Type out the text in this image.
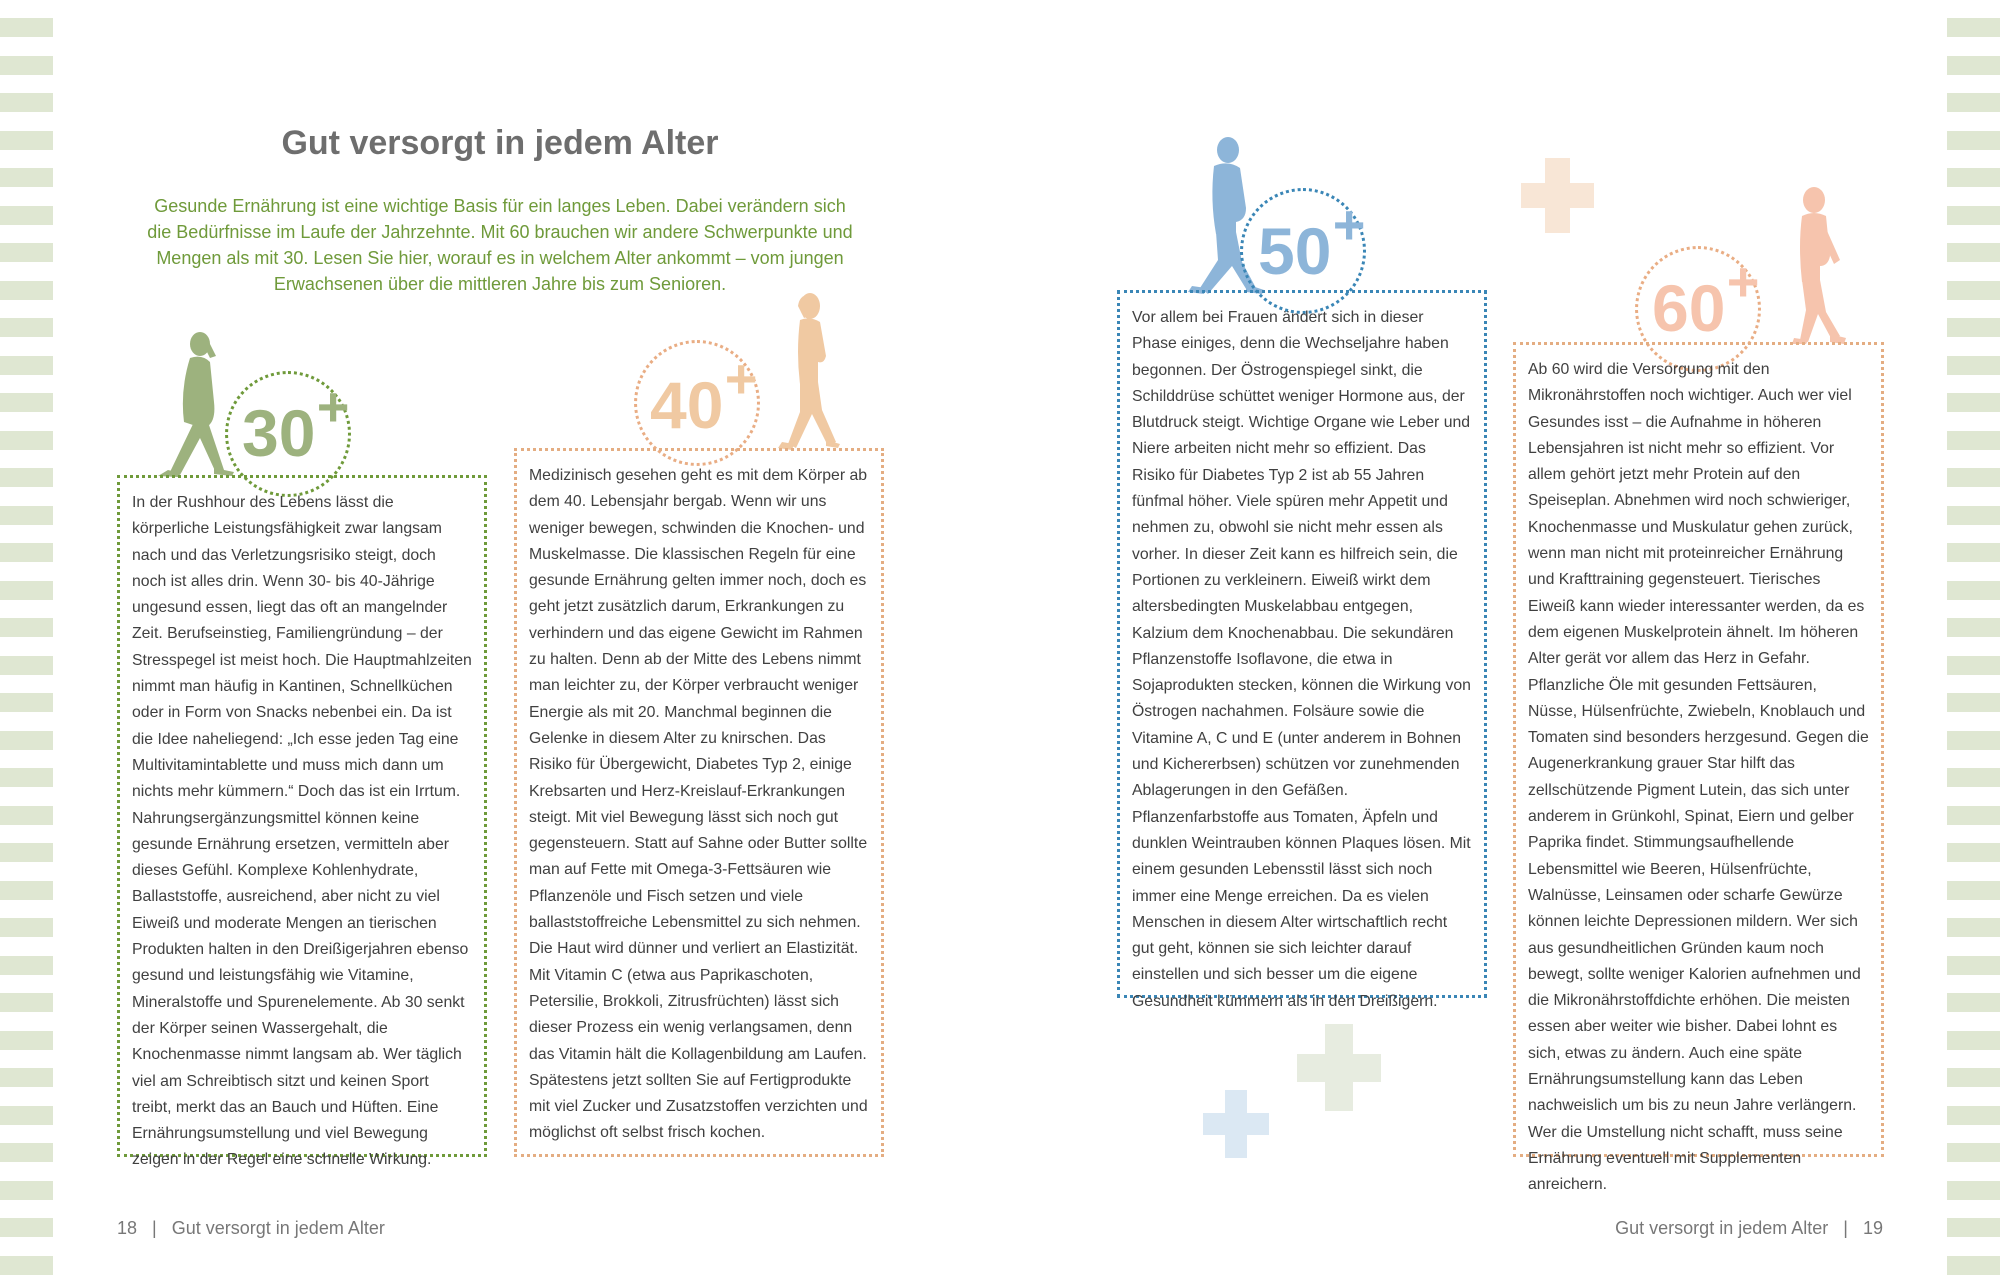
Gut versorgt in jedem Alter

Gesunde Ernährung ist eine wichtige Basis für ein langes Leben. Dabei verändern sich die Bedürfnisse im Laufe der Jahrzehnte. Mit 60 brauchen wir andere Schwerpunkte und Mengen als mit 30. Lesen Sie hier, worauf es in welchem Alter ankommt – vom jungen Erwachsenen über die mittleren Jahre bis zum Senioren.

30 +

In der Rushhour des Lebens lässt die körperliche Leistungsfähigkeit zwar langsam nach und das Verletzungsrisiko steigt, doch noch ist alles drin. Wenn 30- bis 40-Jährige ungesund essen, liegt das oft an mangelnder Zeit. Berufseinstieg, Familiengründung – der Stresspegel ist meist hoch. Die Hauptmahlzeiten nimmt man häufig in Kantinen, Schnellküchen oder in Form von Snacks nebenbei ein. Da ist die Idee naheliegend: „Ich esse jeden Tag eine Multivitamintablette und muss mich dann um nichts mehr kümmern.“ Doch das ist ein Irrtum. Nahrungsergänzungsmittel können keine gesunde Ernährung ersetzen, vermitteln aber dieses Gefühl. Komplexe Kohlenhydrate, Ballaststoffe, ausreichend, aber nicht zu viel Eiweiß und moderate Mengen an tierischen Produkten halten in den Dreißigerjahren ebenso gesund und leistungsfähig wie Vitamine, Mineralstoffe und Spurenelemente. Ab 30 senkt der Körper seinen Wassergehalt, die Knochenmasse nimmt langsam ab. Wer täglich viel am Schreibtisch sitzt und keinen Sport treibt, merkt das an Bauch und Hüften. Eine Ernährungsumstellung und viel Bewegung zeigen in der Regel eine schnelle Wirkung.

40 +

Medizinisch gesehen geht es mit dem Körper ab dem 40. Lebensjahr bergab. Wenn wir uns weniger bewegen, schwinden die Knochen- und Muskelmasse. Die klassischen Regeln für eine gesunde Ernährung gelten immer noch, doch es geht jetzt zusätzlich darum, Erkrankungen zu verhindern und das eigene Gewicht im Rahmen zu halten. Denn ab der Mitte des Lebens nimmt man leichter zu, der Körper verbraucht weniger Energie als mit 20. Manchmal beginnen die Gelenke in diesem Alter zu knirschen. Das Risiko für Übergewicht, Diabetes Typ 2, einige Krebsarten und Herz-Kreislauf-Erkrankungen steigt. Mit viel Bewegung lässt sich noch gut gegensteuern. Statt auf Sahne oder Butter sollte man auf Fette mit Omega-3-Fettsäuren wie Pflanzenöle und Fisch setzen und viele ballaststoffreiche Lebensmittel zu sich nehmen. Die Haut wird dünner und verliert an Elastizität. Mit Vitamin C (etwa aus Paprikaschoten, Petersilie, Brokkoli, Zitrusfrüchten) lässt sich dieser Prozess ein wenig verlangsamen, denn das Vitamin hält die Kollagenbildung am Laufen. Spätestens jetzt sollten Sie auf Fertigprodukte mit viel Zucker und Zusatzstoffen verzichten und möglichst oft selbst frisch kochen.

50 +

Vor allem bei Frauen ändert sich in dieser Phase einiges, denn die Wechseljahre haben begonnen. Der Östrogenspiegel sinkt, die Schilddrüse schüttet weniger Hormone aus, der Blutdruck steigt. Wichtige Organe wie Leber und Niere arbeiten nicht mehr so effizient. Das Risiko für Diabetes Typ 2 ist ab 55 Jahren fünfmal höher. Viele spüren mehr Appetit und nehmen zu, obwohl sie nicht mehr essen als vorher. In dieser Zeit kann es hilfreich sein, die Portionen zu verkleinern. Eiweiß wirkt dem altersbedingten Muskelabbau entgegen, Kalzium dem Knochenabbau. Die sekundären Pflanzenstoffe Isoflavone, die etwa in Sojaprodukten stecken, können die Wirkung von Östrogen nachahmen. Folsäure sowie die Vitamine A, C und E (unter anderem in Bohnen und Kichererbsen) schützen vor zunehmenden Ablagerungen in den Gefäßen. Pflanzenfarbstoffe aus Tomaten, Äpfeln und dunklen Weintrauben können Plaques lösen. Mit einem gesunden Lebensstil lässt sich noch immer eine Menge erreichen. Da es vielen Menschen in diesem Alter wirtschaftlich recht gut geht, können sie sich leichter darauf einstellen und sich besser um die eigene Gesundheit kümmern als in den Dreißigern.

60 +

Ab 60 wird die Versorgung mit den Mikronährstoffen noch wichtiger. Auch wer viel Gesundes isst – die Aufnahme in höheren Lebensjahren ist nicht mehr so effizient. Vor allem gehört jetzt mehr Protein auf den Speiseplan. Abnehmen wird noch schwieriger, Knochenmasse und Muskulatur gehen zurück, wenn man nicht mit proteinreicher Ernährung und Krafttraining gegensteuert. Tierisches Eiweiß kann wieder interessanter werden, da es dem eigenen Muskelprotein ähnelt. Im höheren Alter gerät vor allem das Herz in Gefahr. Pflanzliche Öle mit gesunden Fettsäuren, Nüsse, Hülsenfrüchte, Zwiebeln, Knoblauch und Tomaten sind besonders herzgesund. Gegen die Augenerkrankung grauer Star hilft das zellschützende Pigment Lutein, das sich unter anderem in Grünkohl, Spinat, Eiern und gelber Paprika findet. Stimmungsaufhellende Lebensmittel wie Beeren, Hülsenfrüchte, Walnüsse, Leinsamen oder scharfe Gewürze können leichte Depressionen mildern. Wer sich aus gesundheitlichen Gründen kaum noch bewegt, sollte weniger Kalorien aufnehmen und die Mikronährstoffdichte erhöhen. Die meisten essen aber weiter wie bisher. Dabei lohnt es sich, etwas zu ändern. Auch eine späte Ernährungsumstellung kann das Leben nachweislich um bis zu neun Jahre verlängern. Wer die Umstellung nicht schafft, muss seine Ernährung eventuell mit Supplementen anreichern.

18 | Gut versorgt in jedem Alter	Gut versorgt in jedem Alter | 19
